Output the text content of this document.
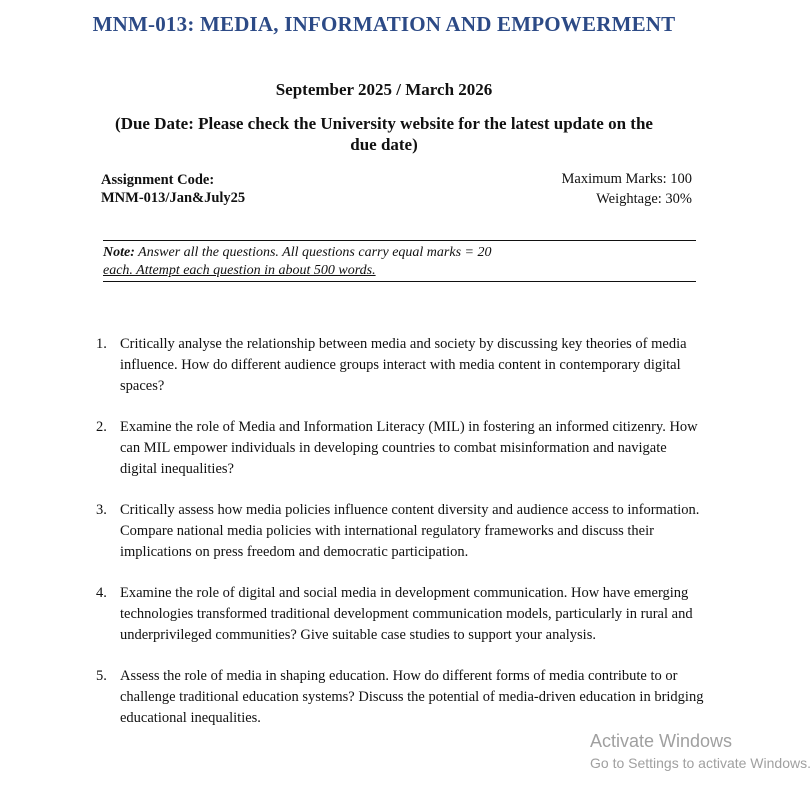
MNM-013: MEDIA, INFORMATION AND EMPOWERMENT
September 2025 / March 2026
(Due Date: Please check the University website for the latest update on the due date)
Assignment Code:
MNM-013/Jan&July25
Maximum Marks: 100
Weightage: 30%
Note: Answer all the questions. All questions carry equal marks = 20
each. Attempt each question in about 500 words.
1. Critically analyse the relationship between media and society by discussing key theories of media influence. How do different audience groups interact with media content in contemporary digital spaces?
2. Examine the role of Media and Information Literacy (MIL) in fostering an informed citizenry. How can MIL empower individuals in developing countries to combat misinformation and navigate digital inequalities?
3. Critically assess how media policies influence content diversity and audience access to information. Compare national media policies with international regulatory frameworks and discuss their implications on press freedom and democratic participation.
4. Examine the role of digital and social media in development communication. How have emerging technologies transformed traditional development communication models, particularly in rural and underprivileged communities? Give suitable case studies to support your analysis.
5. Assess the role of media in shaping education. How do different forms of media contribute to or challenge traditional education systems? Discuss the potential of media-driven education in bridging educational inequalities.
Activate Windows
Go to Settings to activate Windows.
